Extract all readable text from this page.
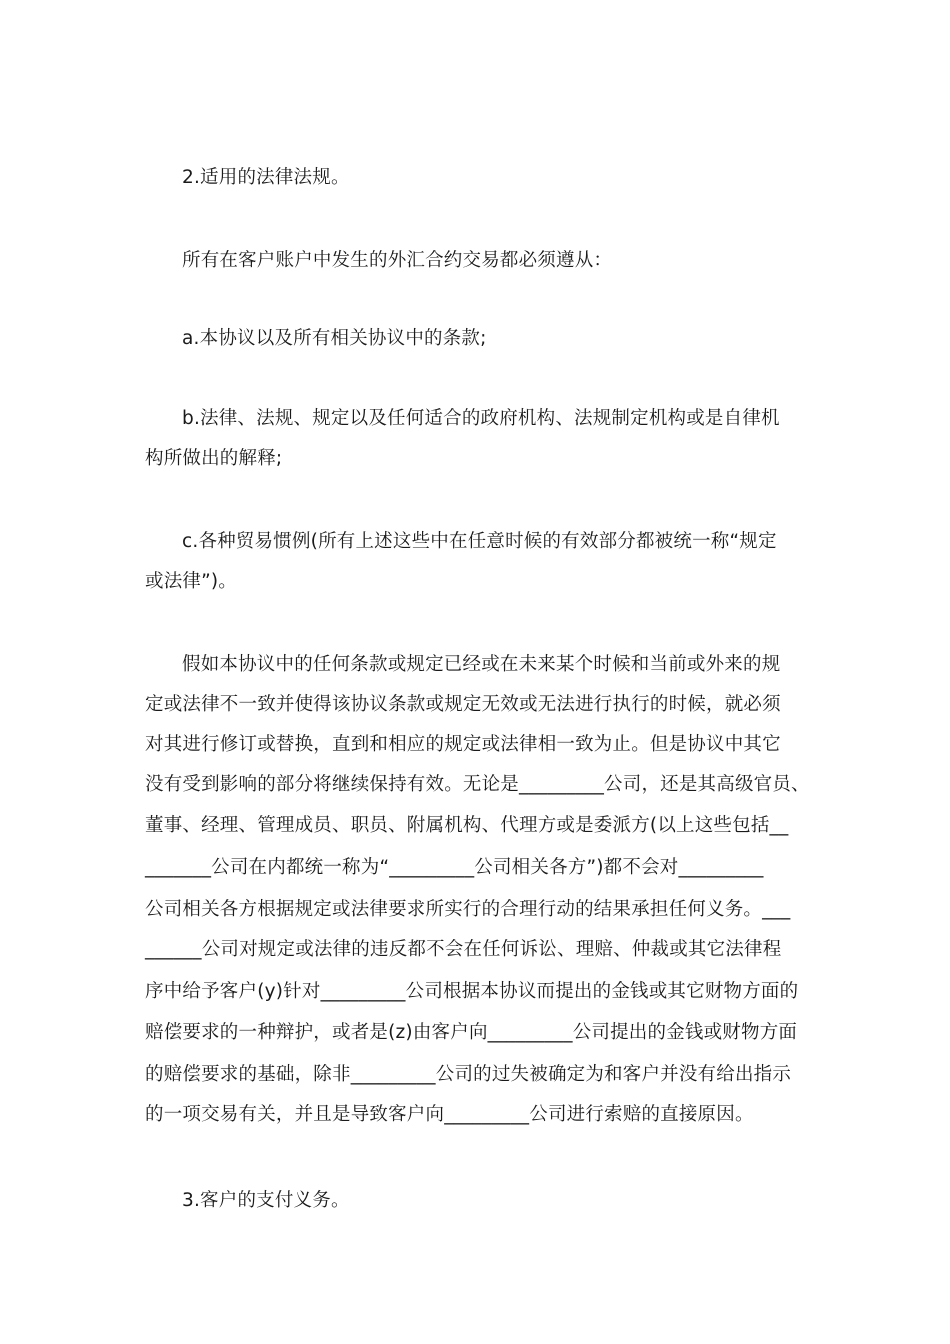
2.适用的法律法规。
所有在客户账户中发生的外汇合约交易都必须遵从：
a.本协议以及所有相关协议中的条款;
b.法律、法规、规定以及任何适合的政府机构、法规制定机构或是自律机
构所做出的解释;
c.各种贸易惯例(所有上述这些中在任意时候的有效部分都被统一称“规定
或法律”)。
假如本协议中的任何条款或规定已经或在未来某个时候和当前或外来的规
定或法律不一致并使得该协议条款或规定无效或无法进行执行的时候，就必须
对其进行修订或替换，直到和相应的规定或法律相一致为止。但是协议中其它
没有受到影响的部分将继续保持有效。无论是_________公司，还是其高级官员、
董事、经理、管理成员、职员、附属机构、代理方或是委派方(以上这些包括__
_______公司在内都统一称为“_________公司相关各方”)都不会对_________
公司相关各方根据规定或法律要求所实行的合理行动的结果承担任何义务。___
______公司对规定或法律的违反都不会在任何诉讼、理赔、仲裁或其它法律程
序中给予客户(y)针对_________公司根据本协议而提出的金钱或其它财物方面的
赔偿要求的一种辩护，或者是(z)由客户向_________公司提出的金钱或财物方面
的赔偿要求的基础，除非_________公司的过失被确定为和客户并没有给出指示
的一项交易有关，并且是导致客户向_________公司进行索赔的直接原因。
3.客户的支付义务。
